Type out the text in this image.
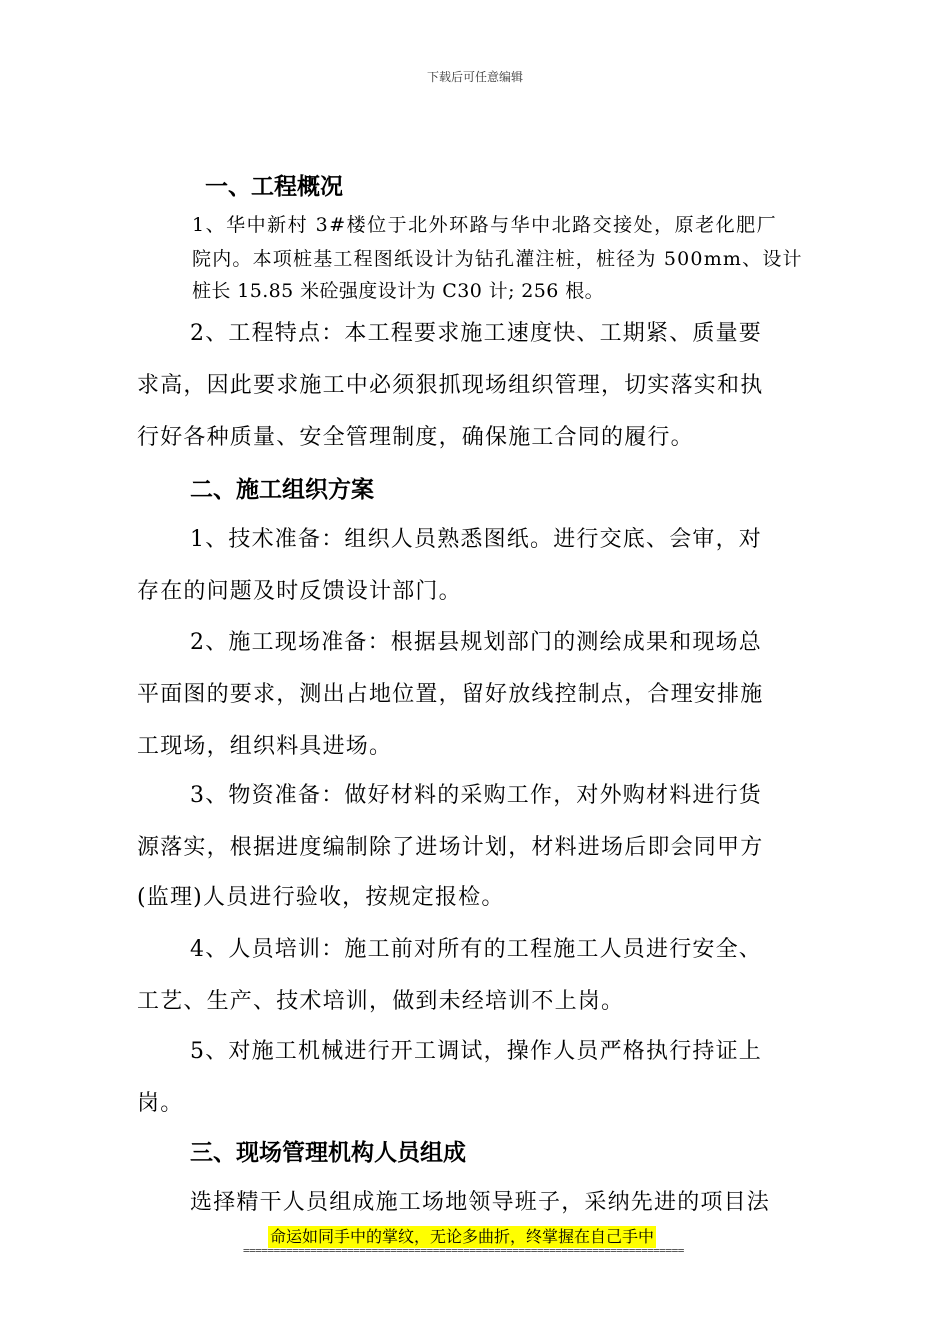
下载后可任意编辑
一、工程概况
1、华中新村 3#楼位于北外环路与华中北路交接处，原老化肥厂
院内。本项桩基工程图纸设计为钻孔灌注桩，桩径为 500mm、设计
桩长 15.85 米砼强度设计为 C30 计; 256 根。
2、工程特点：本工程要求施工速度快、工期紧、质量要
求高，因此要求施工中必须狠抓现场组织管理，切实落实和执
行好各种质量、安全管理制度，确保施工合同的履行。
二、施工组织方案
1、技术准备：组织人员熟悉图纸。进行交底、会审，对
存在的问题及时反馈设计部门。
2、施工现场准备：根据县规划部门的测绘成果和现场总
平面图的要求，测出占地位置，留好放线控制点，合理安排施
工现场，组织料具进场。
3、物资准备：做好材料的采购工作，对外购材料进行货
源落实，根据进度编制除了进场计划，材料进场后即会同甲方
(监理)人员进行验收，按规定报检。
4、人员培训：施工前对所有的工程施工人员进行安全、
工艺、生产、技术培训，做到未经培训不上岗。
5、对施工机械进行开工调试，操作人员严格执行持证上
岗。
三、现场管理机构人员组成
选择精干人员组成施工场地领导班子，采纳先进的项目法
命运如同手中的掌纹，无论多曲折，终掌握在自己手中
========================================================================
